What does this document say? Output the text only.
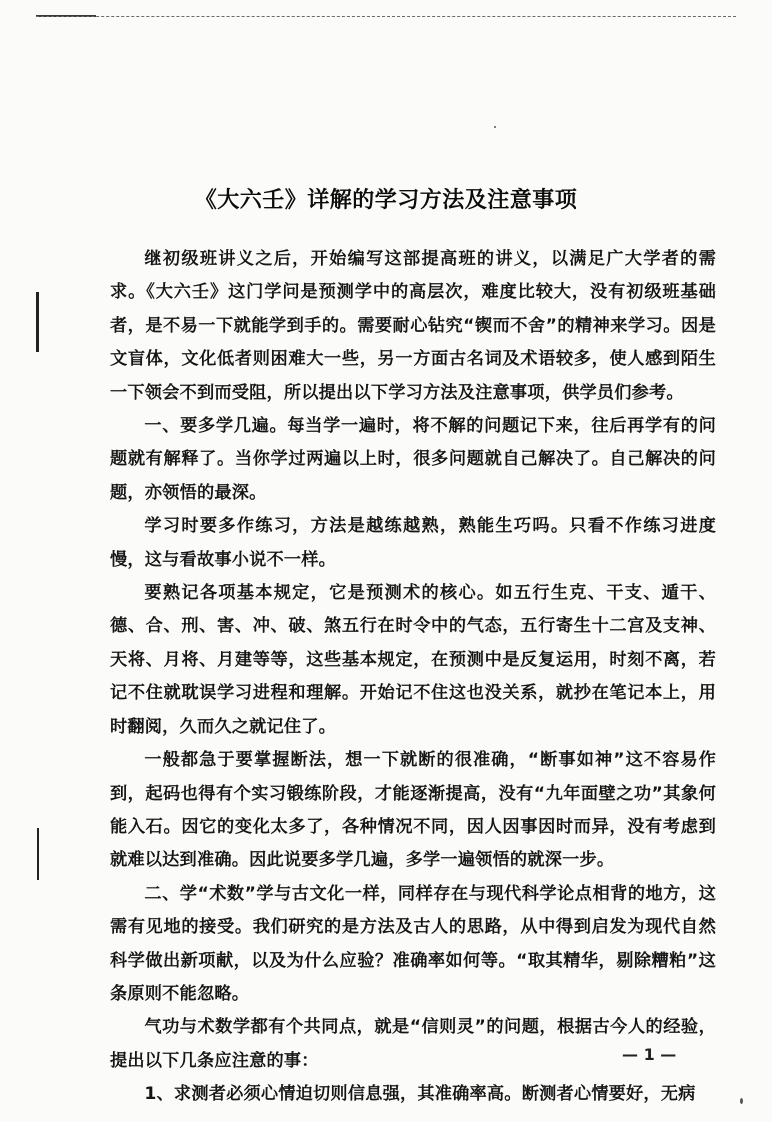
《大六壬》详解的学习方法及注意事项

继初级班讲义之后，开始编写这部提高班的讲义，以满足广大学者的需求。《大六壬》这门学问是预测学中的高层次，难度比较大，没有初级班基础者，是不易一下就能学到手的。需要耐心钻究“锲而不舍”的精神来学习。因是文盲体，文化低者则困难大一些，另一方面古名词及术语较多，使人感到陌生一下领会不到而受阻，所以提出以下学习方法及注意事项，供学员们参考。

一、要多学几遍。每当学一遍时，将不解的问题记下来，往后再学有的问题就有解释了。当你学过两遍以上时，很多问题就自己解决了。自己解决的问题，亦领悟的最深。

学习时要多作练习，方法是越练越熟，熟能生巧吗。只看不作练习进度慢，这与看故事小说不一样。

要熟记各项基本规定，它是预测术的核心。如五行生克、干支、遁干、德、合、刑、害、冲、破、煞五行在时令中的气态，五行寄生十二宫及支神、天将、月将、月建等等，这些基本规定，在预测中是反复运用，时刻不离，若记不住就耽误学习进程和理解。开始记不住这也没关系，就抄在笔记本上，用时翻阅，久而久之就记住了。

一般都急于要掌握断法，想一下就断的很准确，“断事如神”这不容易作到，起码也得有个实习锻练阶段，才能逐渐提高，没有“九年面壁之功”其象何能入石。因它的变化太多了，各种情况不同，因人因事因时而异，没有考虑到就难以达到准确。因此说要多学几遍，多学一遍领悟的就深一步。

二、学“术数”学与古文化一样，同样存在与现代科学论点相背的地方，这需有见地的接受。我们研究的是方法及古人的思路，从中得到启发为现代自然科学做出新项献，以及为什么应验？准确率如何等。“取其精华，剔除糟粕”这条原则不能忽略。

气功与术数学都有个共同点，就是“信则灵”的问题，根据古今人的经验，提出以下几条应注意的事：

1、求测者必须心情迫切则信息强，其准确率高。断测者心情要好，无病

— 1 —
